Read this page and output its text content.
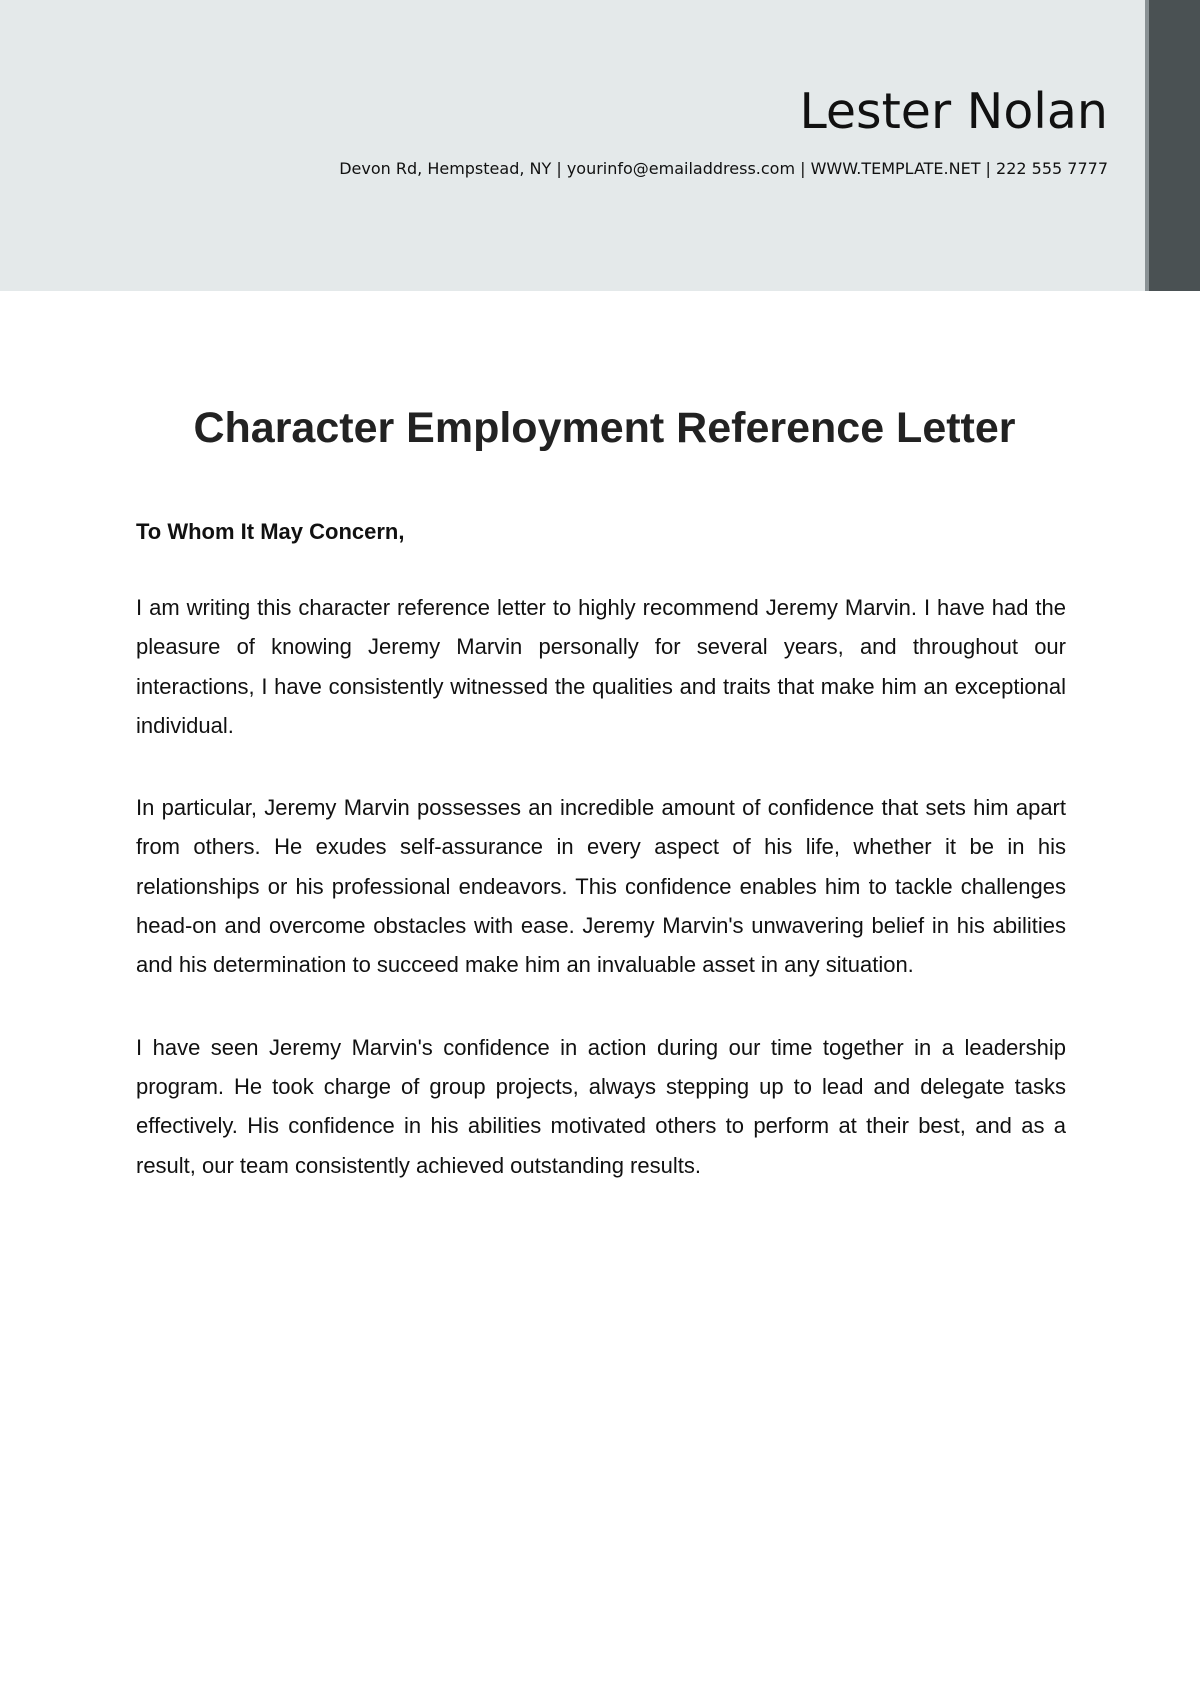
Lester Nolan

Devon Rd, Hempstead, NY | yourinfo@emailaddress.com | WWW.TEMPLATE.NET | 222 555 7777

Character Employment Reference Letter

To Whom It May Concern,

I am writing this character reference letter to highly recommend Jeremy Marvin. I have had the pleasure of knowing Jeremy Marvin personally for several years, and throughout our interactions, I have consistently witnessed the qualities and traits that make him an exceptional individual.

In particular, Jeremy Marvin possesses an incredible amount of confidence that sets him apart from others. He exudes self-assurance in every aspect of his life, whether it be in his relationships or his professional endeavors. This confidence enables him to tackle challenges head-on and overcome obstacles with ease. Jeremy Marvin's unwavering belief in his abilities and his determination to succeed make him an invaluable asset in any situation.

I have seen Jeremy Marvin's confidence in action during our time together in a leadership program. He took charge of group projects, always stepping up to lead and delegate tasks effectively. His confidence in his abilities motivated others to perform at their best, and as a result, our team consistently achieved outstanding results.
